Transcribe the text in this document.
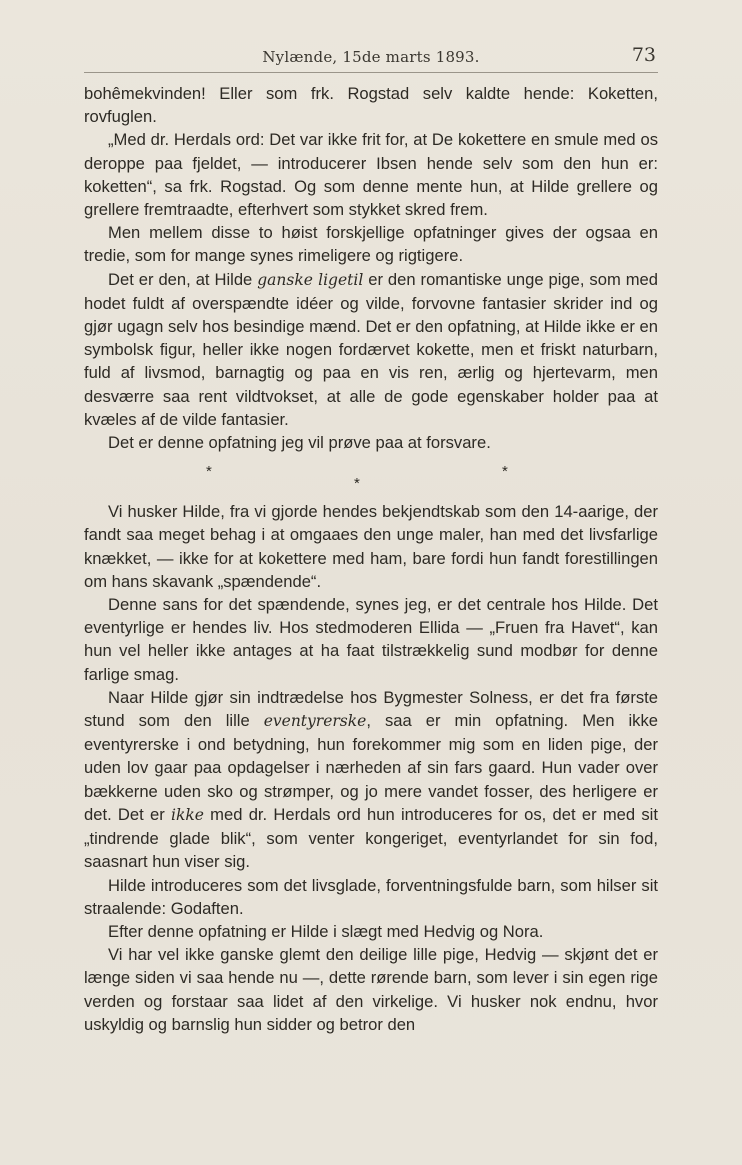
Nylænde, 15de marts 1893.	73

bohêmekvinden! Eller som frk. Rogstad selv kaldte hende: Koketten, rovfuglen.

„Med dr. Herdals ord: Det var ikke frit for, at De kokettere en smule med os deroppe paa fjeldet, — introducerer Ibsen hende selv som den hun er: koketten“, sa frk. Rogstad. Og som denne mente hun, at Hilde grellere og grellere fremtraadte, efterhvert som stykket skred frem.

Men mellem disse to høist forskjellige opfatninger gives der ogsaa en tredie, som for mange synes rimeligere og rigtigere.

Det er den, at Hilde ganske ligetil er den romantiske unge pige, som med hodet fuldt af overspændte idéer og vilde, forvovne fantasier skrider ind og gjør ugagn selv hos besindige mænd. Det er den opfatning, at Hilde ikke er en symbolsk figur, heller ikke nogen fordærvet kokette, men et friskt naturbarn, fuld af livsmod, barnagtig og paa en vis ren, ærlig og hjertevarm, men desværre saa rent vildtvokset, at alle de gode egenskaber holder paa at kvæles af de vilde fantasier.

Det er denne opfatning jeg vil prøve paa at forsvare.

*
*
*

Vi husker Hilde, fra vi gjorde hendes bekjendtskab som den 14-aarige, der fandt saa meget behag i at omgaaes den unge maler, han med det livsfarlige knækket, — ikke for at kokettere med ham, bare fordi hun fandt forestillingen om hans skavank „spændende“.

Denne sans for det spændende, synes jeg, er det centrale hos Hilde. Det eventyrlige er hendes liv. Hos stedmoderen Ellida — „Fruen fra Havet“, kan hun vel heller ikke antages at ha faat tilstrækkelig sund modbør for denne farlige smag.

Naar Hilde gjør sin indtrædelse hos Bygmester Solness, er det fra første stund som den lille eventyrerske, saa er min opfatning. Men ikke eventyrerske i ond betydning, hun forekommer mig som en liden pige, der uden lov gaar paa opdagelser i nærheden af sin fars gaard. Hun vader over bækkerne uden sko og strømper, og jo mere vandet fosser, des herligere er det. Det er ikke med dr. Herdals ord hun introduceres for os, det er med sit „tindrende glade blik“, som venter kongeriget, eventyrlandet for sin fod, saasnart hun viser sig.

Hilde introduceres som det livsglade, forventningsfulde barn, som hilser sit straalende: Godaften.

Efter denne opfatning er Hilde i slægt med Hedvig og Nora.

Vi har vel ikke ganske glemt den deilige lille pige, Hedvig — skjønt det er længe siden vi saa hende nu —, dette rørende barn, som lever i sin egen rige verden og forstaar saa lidet af den virkelige. Vi husker nok endnu, hvor uskyldig og barnslig hun sidder og betror den
